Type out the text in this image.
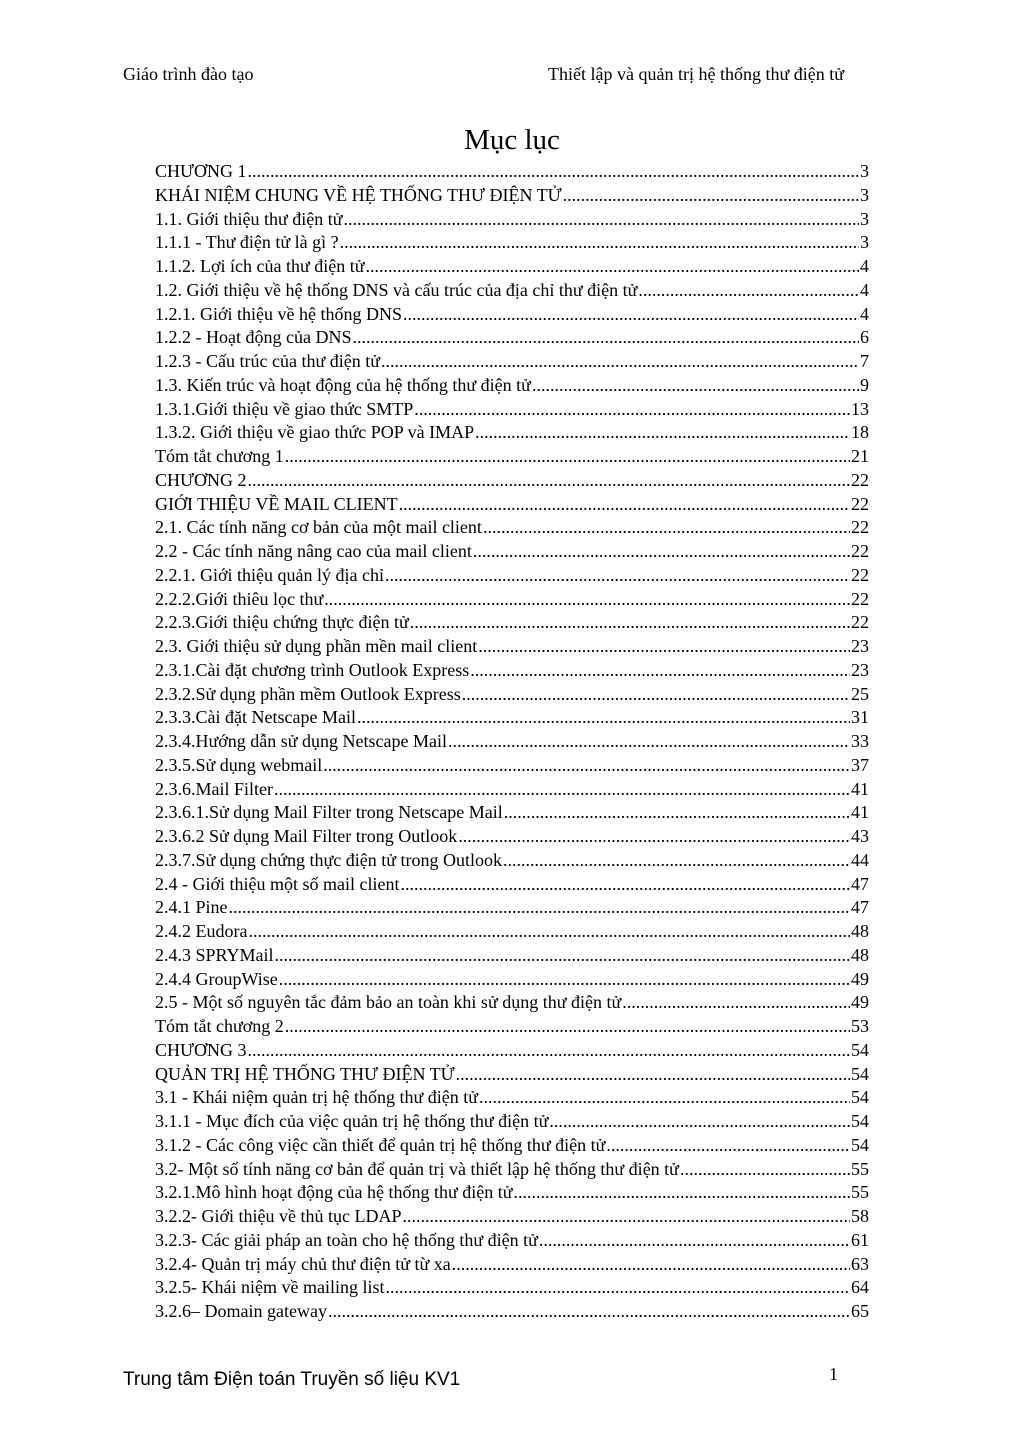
Giáo trình đào tạo	Thiết lập và quản trị hệ thống thư điện tử
Mục lục
CHƯƠNG 1 .....	3
KHÁI NIỆM CHUNG VỀ HỆ THỐNG THƯ ĐIỆN TỬ .....	3
1.1. Giới thiệu thư điện tử .....	3
1.1.1 - Thư điện tử là gì ? .....	3
1.1.2. Lợi ích của thư điện tử .....	4
1.2. Giới thiệu về hệ thống DNS và cấu trúc của địa chỉ thư điện tử .....	4
1.2.1. Giới thiệu về hệ thống DNS .....	4
1.2.2 - Hoạt động của DNS .....	6
1.2.3 - Cấu trúc của thư điện tử .....	7
1.3. Kiến trúc và hoạt động của hệ thống thư điện tử .....	9
1.3.1.Giới thiệu về giao thức SMTP .....	13
1.3.2. Giới thiệu về giao thức POP và IMAP .....	18
Tóm tắt chương 1 .....	21
CHƯƠNG 2 .....	22
GIỚI THIỆU VỀ MAIL CLIENT .....	22
2.1. Các tính năng cơ bản của một mail client .....	22
2.2 - Các tính năng nâng cao của mail client .....	22
2.2.1. Giới thiệu quản lý địa chỉ .....	22
2.2.2.Giới thiêu lọc thư .....	22
2.2.3.Giới thiệu chứng thực điện tử .....	22
2.3. Giới thiệu sử dụng phần mền mail client .....	23
2.3.1.Cài đặt chương trình Outlook Express .....	23
2.3.2.Sử dụng phần mềm Outlook Express .....	25
2.3.3.Cài đặt Netscape Mail .....	31
2.3.4.Hướng dẫn sử dụng Netscape Mail .....	33
2.3.5.Sử dụng webmail .....	37
2.3.6.Mail Filter .....	41
2.3.6.1.Sử dụng Mail Filter trong Netscape Mail .....	41
2.3.6.2 Sử dụng Mail Filter trong Outlook .....	43
2.3.7.Sử dụng chứng thực điện tử trong Outlook .....	44
2.4 - Giới thiệu một số mail client .....	47
2.4.1 Pine .....	47
2.4.2 Eudora .....	48
2.4.3 SPRYMail .....	48
2.4.4 GroupWise .....	49
2.5 - Một số nguyên tắc đảm bảo an toàn khi sử dụng thư điện tử .....	49
Tóm tắt chương 2 .....	53
CHƯƠNG 3 .....	54
QUẢN TRỊ HỆ THỐNG THƯ ĐIỆN TỬ .....	54
3.1 - Khái niệm quản trị hệ thống thư điện tử .....	54
3.1.1 - Mục đích của việc quản trị hệ thống thư điện tử .....	54
3.1.2 - Các công việc cần thiết để quản trị hệ thống thư điện tử .....	54
3.2- Một số tính năng cơ bản để quản trị và thiết lập hệ thống thư điện tử .....	55
3.2.1.Mô hình hoạt động của hệ thống thư điện tử .....	55
3.2.2- Giới thiệu về thủ tục LDAP .....	58
3.2.3- Các giải pháp an toàn cho hệ thống thư điện tử .....	61
3.2.4- Quản trị máy chủ thư điện tử từ xa .....	63
3.2.5- Khái niệm về mailing list .....	64
3.2.6– Domain gateway .....	65
Trung tâm Điện toán Truyền số liệu KV1	1
